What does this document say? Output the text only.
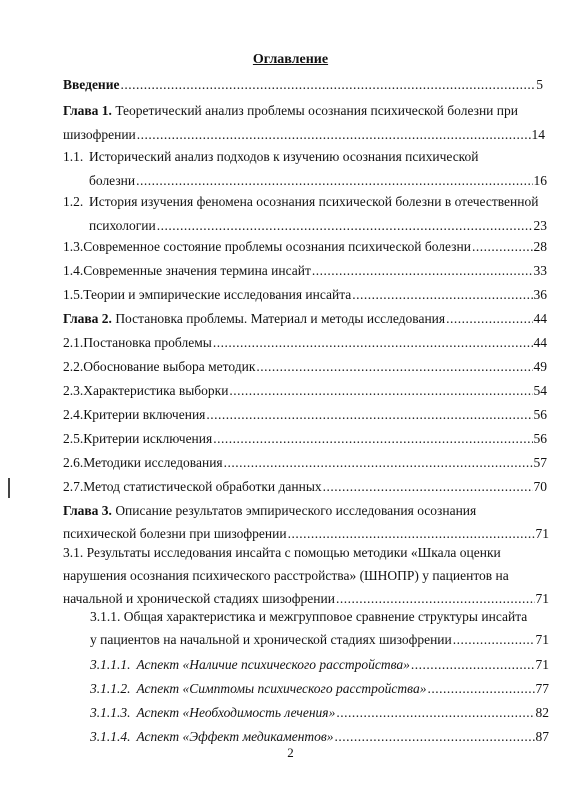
Оглавление
Введение .....	5
Глава 1. Теоретический анализ проблемы осознания психической болезни при
шизофрении .....	14
1.1. Исторический анализ подходов к изучению осознания психической
болезни .....	16
1.2. История изучения феномена осознания психической болезни в отечественной
психологии .....	23
1.3. Современное состояние проблемы осознания психической болезни .....	28
1.4. Современные значения термина инсайт .....	33
1.5. Теории и эмпирические исследования инсайта .....	36
Глава 2.
Постановка проблемы. Материал и методы исследования .....	44
2.1. Постановка проблемы .....	44
2.2. Обоснование выбора методик .....	49
2.3. Характеристика выборки .....	54
2.4. Критерии включения .....	56
2.5. Критерии исключения .....	56
2.6. Методики исследования .....	57
2.7. Метод статистической обработки данных .....	70
Глава 3. Описание результатов эмпирического исследования осознания
психической болезни при шизофрении .....	71
3.1. Результаты исследования инсайта с помощью методики «Шкала оценки
нарушения осознания психического расстройства» (ШНОПР) у пациентов на
начальной и хронической стадиях шизофрении .....	71
3.1.1. Общая характеристика и межгрупповое сравнение структуры инсайта
у пациентов на начальной и хронической стадиях шизофрении .....	71
3.1.1.1. Аспект «Наличие психического расстройства» .....	71
3.1.1.2. Аспект «Симптомы психического расстройства» .....	77
3.1.1.3. Аспект «Необходимость лечения» .....	82
3.1.1.4. Аспект «Эффект медикаментов» .....	87
2
